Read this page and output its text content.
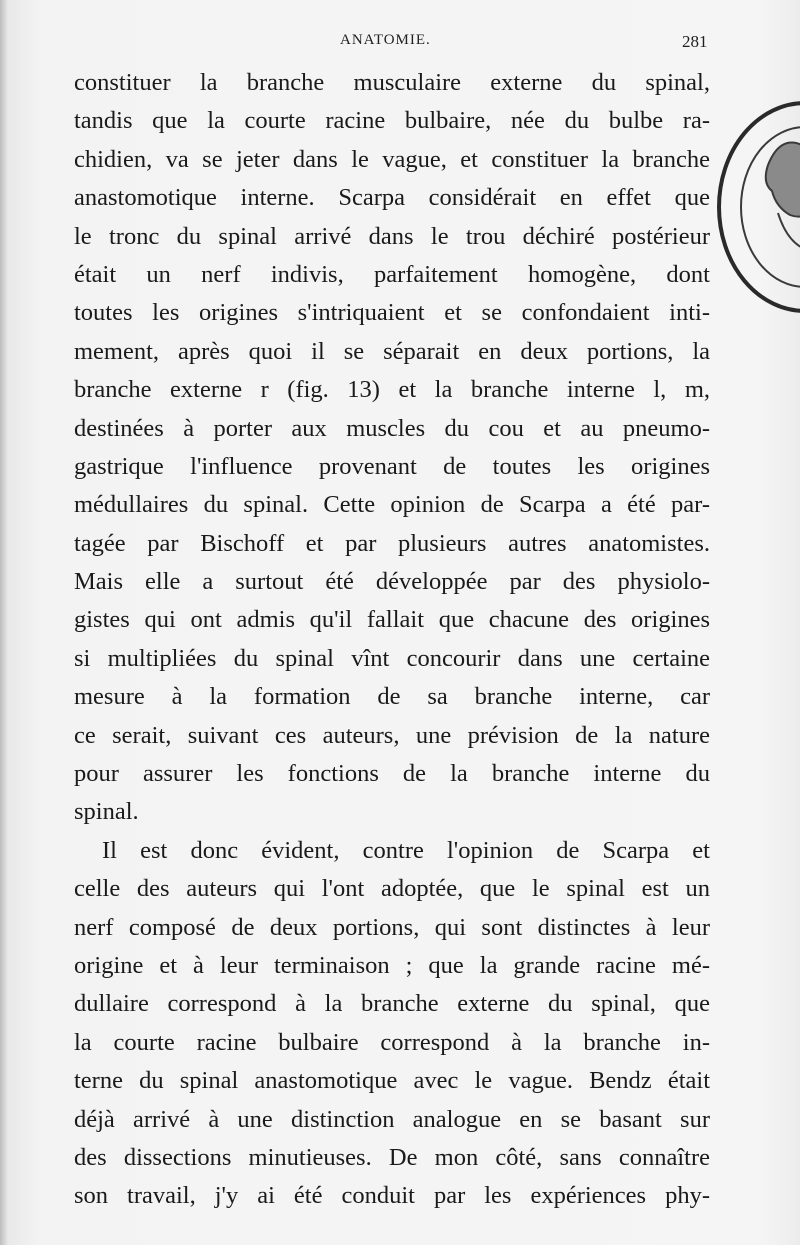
ANATOMIE.	281
constituer la branche musculaire externe du spinal,
tandis que la courte racine bulbaire, née du bulbe ra-
chidien, va se jeter dans le vague, et constituer la branche
anastomotique interne. Scarpa considérait en effet que
le tronc du spinal arrivé dans le trou déchiré postérieur
était un nerf indivis, parfaitement homogène, dont
toutes les origines s'intriquaient et se confondaient inti-
mement, après quoi il se séparait en deux portions, la
branche externe r (fig. 13) et la branche interne l, m,
destinées à porter aux muscles du cou et au pneumo-
gastrique l'influence provenant de toutes les origines
médullaires du spinal. Cette opinion de Scarpa a été par-
tagée par Bischoff et par plusieurs autres anatomistes.
Mais elle a surtout été développée par des physiolo-
gistes qui ont admis qu'il fallait que chacune des origines
si multipliées du spinal vînt concourir dans une certaine
mesure à la formation de sa branche interne, car
ce serait, suivant ces auteurs, une prévision de la nature
pour assurer les fonctions de la branche interne du
spinal.
Il est donc évident, contre l'opinion de Scarpa et
celle des auteurs qui l'ont adoptée, que le spinal est un
nerf composé de deux portions, qui sont distinctes à leur
origine et à leur terminaison ; que la grande racine mé-
dullaire correspond à la branche externe du spinal, que
la courte racine bulbaire correspond à la branche in-
terne du spinal anastomotique avec le vague. Bendz était
déjà arrivé à une distinction analogue en se basant sur
des dissections minutieuses. De mon côté, sans connaître
son travail, j'y ai été conduit par les expériences phy-
